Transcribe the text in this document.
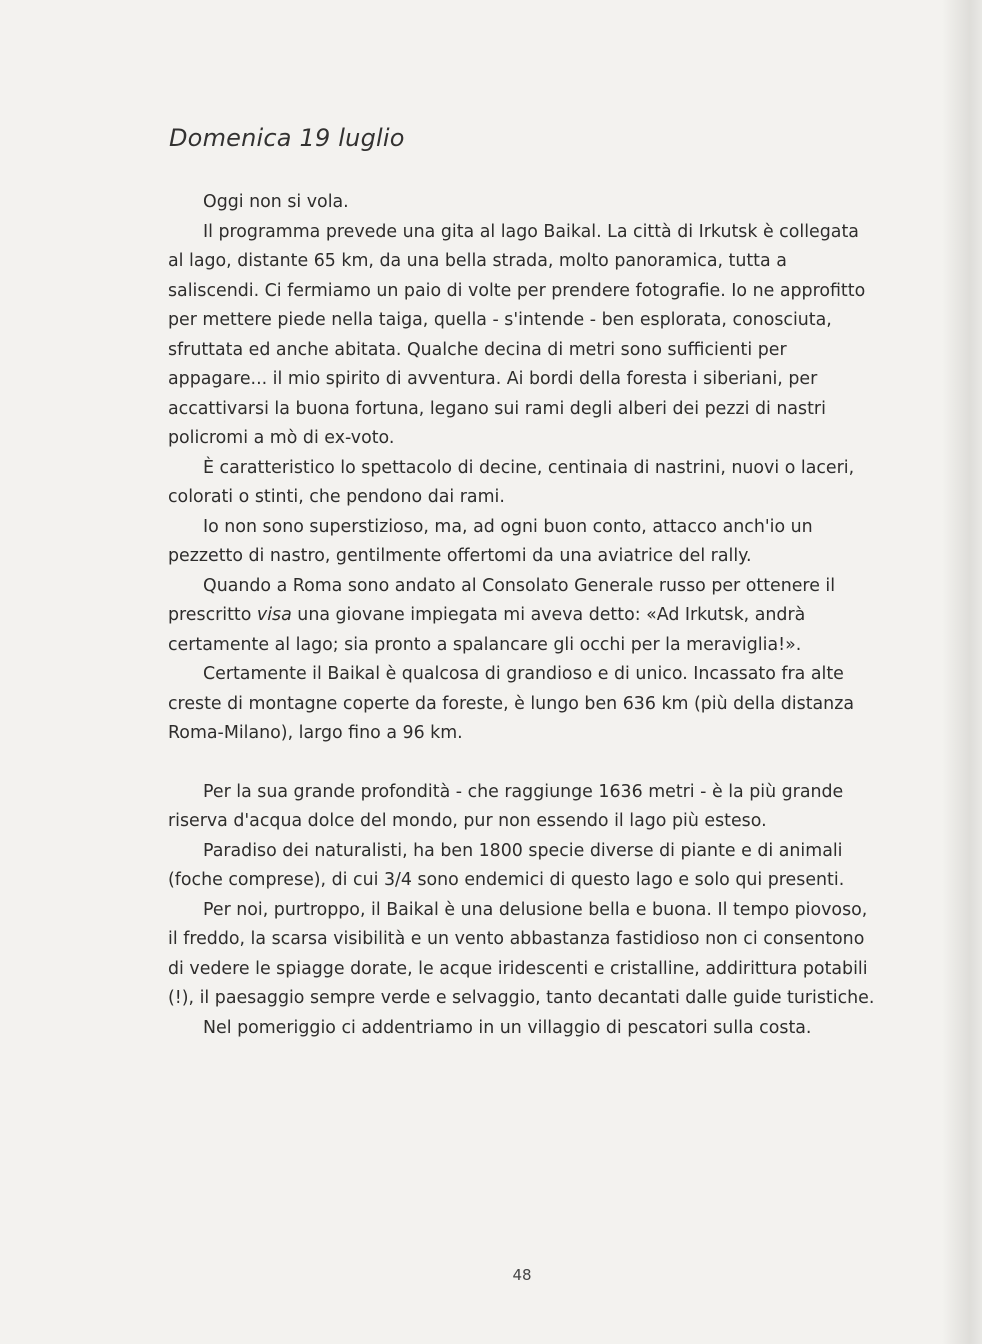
Domenica 19 luglio

Oggi non si vola.

Il programma prevede una gita al lago Baikal. La città di Irkutsk è collegata al lago, distante 65 km, da una bella strada, molto panoramica, tutta a saliscendi. Ci fermiamo un paio di volte per prendere fotografie. Io ne approfitto per mettere piede nella taiga, quella - s'intende - ben esplorata, conosciuta, sfruttata ed anche abitata. Qualche decina di metri sono sufficienti per appagare... il mio spirito di avventura. Ai bordi della foresta i siberiani, per accattivarsi la buona fortuna, legano sui rami degli alberi dei pezzi di nastri policromi a mò di ex-voto.

È caratteristico lo spettacolo di decine, centinaia di nastrini, nuovi o laceri, colorati o stinti, che pendono dai rami.

Io non sono superstizioso, ma, ad ogni buon conto, attacco anch'io un pezzetto di nastro, gentilmente offertomi da una aviatrice del rally.

Quando a Roma sono andato al Consolato Generale russo per ottenere il prescritto visa una giovane impiegata mi aveva detto: «Ad Irkutsk, andrà certamente al lago; sia pronto a spalancare gli occhi per la meraviglia!».

Certamente il Baikal è qualcosa di grandioso e di unico. Incassato fra alte creste di montagne coperte da foreste, è lungo ben 636 km (più della distanza Roma-Milano), largo fino a 96 km.

Per la sua grande profondità - che raggiunge 1636 metri - è la più grande riserva d'acqua dolce del mondo, pur non essendo il lago più esteso.

Paradiso dei naturalisti, ha ben 1800 specie diverse di piante e di animali (foche comprese), di cui 3/4 sono endemici di questo lago e solo qui presenti.

Per noi, purtroppo, il Baikal è una delusione bella e buona. Il tempo piovoso, il freddo, la scarsa visibilità e un vento abbastanza fastidioso non ci consentono di vedere le spiagge dorate, le acque iridescenti e cristalline, addirittura potabili (!), il paesaggio sempre verde e selvaggio, tanto decantati dalle guide turistiche.

Nel pomeriggio ci addentriamo in un villaggio di pescatori sulla costa.

48
